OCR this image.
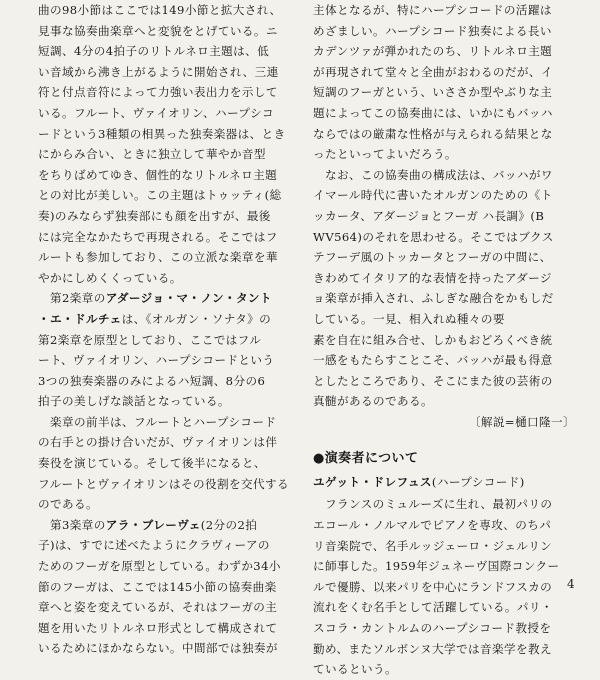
曲の98小節はここでは149小節と拡大され、
見事な協奏曲楽章へと変貌をとげている。ニ
短調、4分の4拍子のリトルネロ主題は、低
い音域から沸き上がるように開始され、三連
符と付点音符によって力強い表出力を示して
いる。フルート、ヴァイオリン、ハープシコ
ードという3種類の相異った独奏楽器は、とき
にからみ合い、ときに独立して華やか音型
をちりばめてゆき、個性的なリトルネロ主題
との対比が美しい。この主題はトゥッティ(総
奏)のみならず独奏部にも顔を出すが、最後
には完全なかたちで再現される。そこではフ
ルートも参加しており、この立派な楽章を華
やかにしめくくっている。
　第2楽章のアダージョ・マ・ノン・タント
・エ・ドルチェは、《オルガン・ソナタ》の
第2楽章を原型としており、ここではフル
ート、ヴァイオリン、ハープシコードという
3つの独奏楽器のみによるハ短調、8分の6
拍子の美しげな談話となっている。
　楽章の前半は、フルートとハープシコード
の右手との掛け合いだが、ヴァイオリンは伴
奏役を演じている。そして後半になると、
フルートとヴァイオリンはその役割を交代する
のである。
　第3楽章のアラ・ブレーヴェ(2分の2拍
子)は、すでに述べたようにクラヴィーアの
ためのフーガを原型としている。わずか34小
節のフーガは、ここでは145小節の協奏曲楽
章へと姿を変えているが、それはフーガの主
題を用いたリトルネロ形式として構成されて
いるためにほかならない。中間部では独奏が
主体となるが、特にハープシコードの活躍は
めざましい。ハープシコード独奏による長い
カデンツァが弾かれたのち、リトルネロ主題
が再現されて堂々と全曲がおわるのだが、イ
短調のフーガという、いささか型やぶりな主
題によってこの協奏曲には、いかにもバッハ
ならではの厳粛な性格が与えられる結果とな
ったといってよいだろう。
　なお、この協奏曲の構成法は、バッハがワ
イマール時代に書いたオルガンのための《ト
ッカータ、アダージョとフーガ ハ長調》(B
WV564)のそれを思わせる。そこではブクス
テフーデ風のトッカータとフーガの中間に、
きわめてイタリア的な表情を持ったアダージ
ョ楽章が挿入され、ふしぎな融合をかもしだ
している。一見、相入れぬ種々の要
素を自在に組み合せ、しかもおどろくべき統
一感をもたらすことこそ、バッハが最も得意
としたところであり、そこにまた彼の芸術の
真髄があるのである。
〔解説=樋口隆一〕
●演奏者について
ユゲット・ドレフュス(ハープシコード)
　フランスのミュルーズに生れ、最初パリの
エコール・ノルマルでピアノを専攻、のちパ
リ音楽院で、名手ルッジェーロ・ジェルリン
に師事した。1959年ジュネーヴ国際コンクー
ルで優勝、以来パリを中心にランドフスカの
流れをくむ名手として活躍している。パリ・
スコラ・カントルムのハープシコード教授を
勤め、またソルボンヌ大学では音楽学を教え
ているという。
4
